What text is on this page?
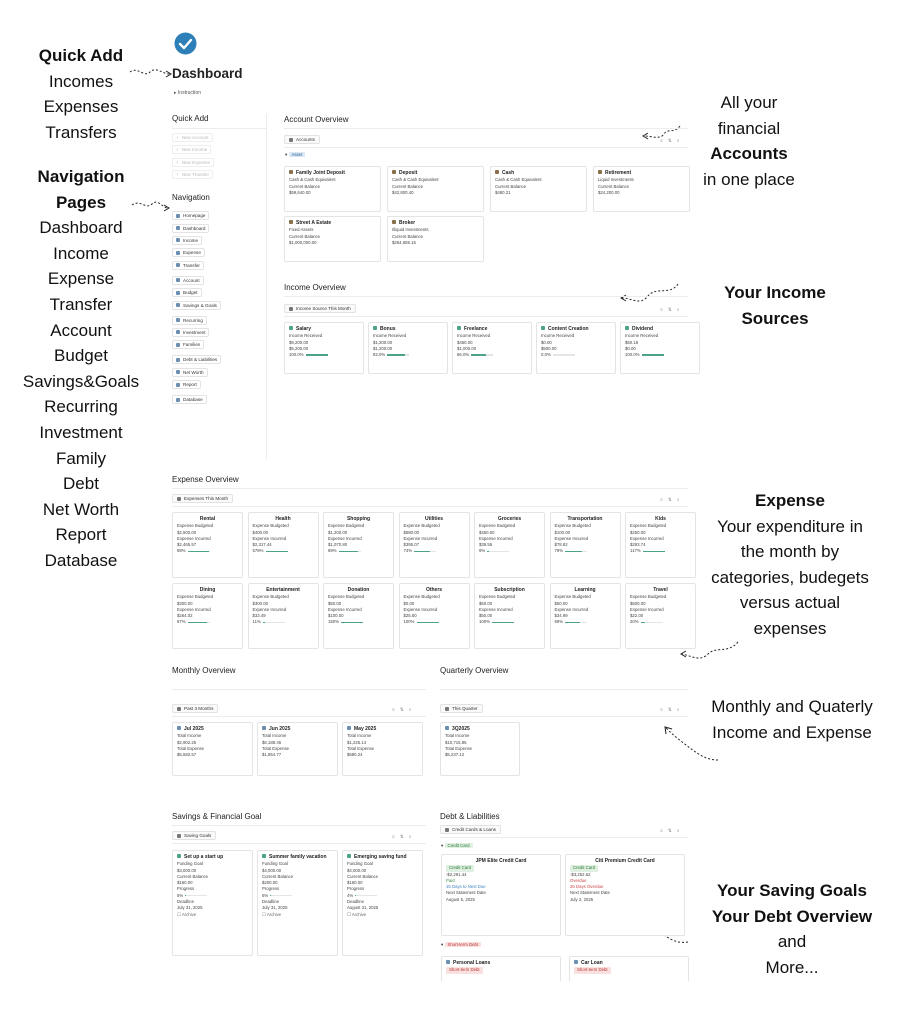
Quick Add
Incomes
Expenses
Transfers
Navigation
Pages
Dashboard
Income
Expense
Transfer
Account
Budget
Savings&Goals
Recurring
Investment
Family
Debt
Net Worth
Report
Database
All your
financial
Accounts
in one place
Your Income
Sources
Expense
Your expenditure in
the month by
categories, budegets
versus actual
expenses
Monthly and Quaterly
Income and Expense
Your Saving Goals
Your Debt Overview
and
More...
Dashboard
▸ Instruction
Quick Add
+ New Account
+ New Income
+ New Expense
+ New Transfer
Navigation
Homepage
Dashboard
Income
Expense
Transfer
Account
Budget
Savings & Goals
Recurring
Investment
Families
Debt & Liabilities
Net Worth
Report
Database
Account Overview
Accounts	≡ ⇅ ⌕
▾ Asset
Income Overview
Income Source This Month	≡ ⇅ ⌕
Expense Overview
Expenses This Month	≡ ⇅ ⌕
Monthly Overview
Past 3 Months	≡ ⇅ ⌕
Quarterly Overview
This Quarter	≡ ⇅ ⌕
Savings & Financial Goal
Saving Goals	≡ ⇅ ⌕
Debt & Liabilities
Credit Cards & Loans	≡ ⇅ ⌕
▾ Credit Card
▾ Short-term Debt
Family Joint Deposit
Cash & Cash Equivalent
Current Balance
$59,640.00
Deposit
Cash & Cash Equivalent
Current Balance
$42,800.40
Cash
Cash & Cash Equivalent
Current Balance
$480.21
Retirement
Liquid Investments
Current Balance
$24,200.00
Street A Estate
Fixed Assets
Current Balance
$1,000,000.00
Broker
Illiquid Investments
Current Balance
$254,659.15
Salary
Income Received
$9,200.00
$5,200.00
100.0%
Bonus
Income Received
$1,200.00
$1,200.00
82.0%
Freelance
Income Received
$450.00
$1,000.00
66.0%
Content Creation
Income Received
$0.00
$500.00
0.0%
Dividend
Income Received
$50.18
$0.00
100.0%
Rental
Expense Budgeted
$2,500.00
Expense Incurred
$2,465.57
98%
Health
Expense Budgeted
$400.00
Expense Incurred
$2,317.44
579%
Shopping
Expense Budgeted
$1,200.00
Expense Incurred
$1,070.80
89%
Utilities
Expense Budgeted
$580.00
Expense Incurred
$395.07
74%
Groceries
Expense Budgeted
$450.00
Expense Incurred
$39.55
9%
Transportation
Expense Budgeted
$100.00
Expense Incurred
$78.82
79%
Kids
Expense Budgeted
$250.00
Expense Incurred
$293.74
117%
Dining
Expense Budgeted
$300.00
Expense Incurred
$264.02
87%
Entertainment
Expense Budgeted
$300.00
Expense Incurred
$33.49
11%
Donation
Expense Budgeted
$50.00
Expense Incurred
$100.00
150%
Others
Expense Budgeted
$0.00
Expense Incurred
$25.50
100%
Subscription
Expense Budgeted
$50.00
Expense Incurred
$50.00
100%
Learning
Expense Budgeted
$50.00
Expense Incurred
$34.99
69%
Travel
Expense Budgeted
$500.00
Expense Incurred
$22.00
20%
Jul 2025
Total Income
$2,902.25
Total Expense
$5,682.57
Jun 2025
Total Income
$6,188.46
Total Expense
$1,854.77
May 2025
Total Income
$1,225.14
Total Expense
$580.24
3Q2025
Total Income
$10,715.85
Total Expense
$5,237.12
Set up a start up
Funding Goal
$3,000.00
Current Balance
$160.00
Progress
5%
Deadline
July 31, 2025
☐ Archive
Summer family vacation
Funding Goal
$4,000.00
Current Balance
$200.00
Progress
5%
Deadline
July 31, 2025
☐ Archive
Emerging saving fund
Funding Goal
$4,000.00
Current Balance
$160.00
Progress
4%
Deadline
August 31, 2025
☐ Archive
JPM Elite Credit Card
Credit Card
-$2,291.44
Paid
15 Days to Next Due
Next Statement Date
August 5, 2025
Citi Premium Credit Card
Credit Card
-$3,252.62
Overdue
26 Days Overdue
Next Statement Date
July 2, 2025
Personal Loans
Short-term Debt
Car Loan
Short-term Debt
